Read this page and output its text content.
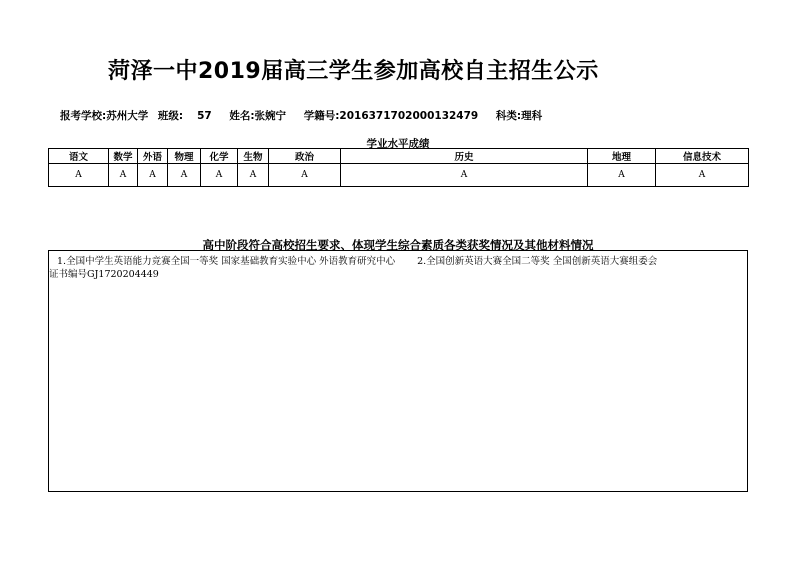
菏泽一中2019届高三学生参加高校自主招生公示
报考学校:苏州大学 班级: 57 姓名:张婉宁 学籍号:2016371702000132479 科类:理科
学业水平成绩
语文	数学	外语	物理	化学	生物	政治	历史	地理	信息技术
A	A	A	A	A	A	A	A	A	A
高中阶段符合高校招生要求、体现学生综合素质各类获奖情况及其他材料情况
1.全国中学生英语能力竞赛全国一等奖 国家基础教育实验中心 外语教育研究中心 2.全国创新英语大赛全国二等奖 全国创新英语大赛组委会
证书编号GJ1720204449
